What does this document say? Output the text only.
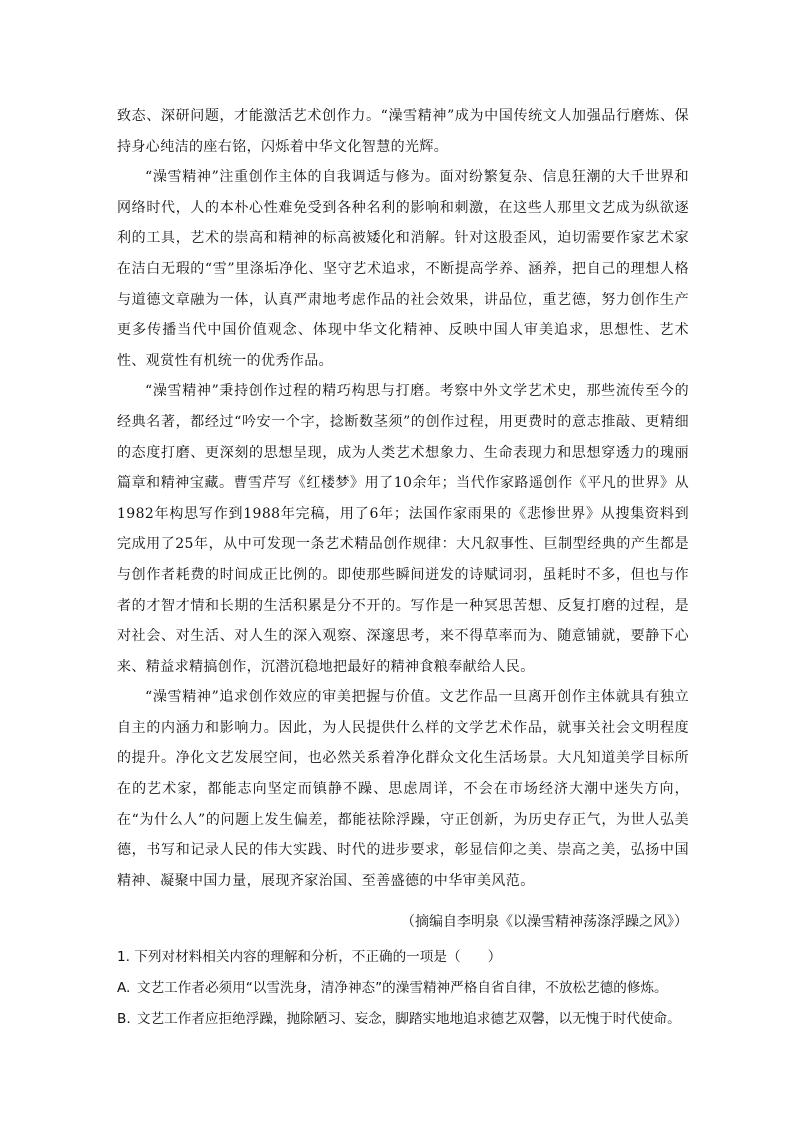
致态、深研问题，才能激活艺术创作力。“澡雪精神”成为中国传统文人加强品行磨炼、保持身心纯洁的座右铭，闪烁着中华文化智慧的光辉。

“澡雪精神”注重创作主体的自我调适与修为。面对纷繁复杂、信息狂潮的大千世界和网络时代，人的本朴心性难免受到各种名利的影响和刺激，在这些人那里文艺成为纵欲逐利的工具，艺术的崇高和精神的标高被矮化和消解。针对这股歪风，迫切需要作家艺术家在洁白无瑕的“雪”里涤垢净化、坚守艺术追求，不断提高学养、涵养，把自己的理想人格与道德文章融为一体，认真严肃地考虑作品的社会效果，讲品位，重艺德，努力创作生产更多传播当代中国价值观念、体现中华文化精神、反映中国人审美追求，思想性、艺术性、观赏性有机统一的优秀作品。

“澡雪精神”秉持创作过程的精巧构思与打磨。考察中外文学艺术史，那些流传至今的经典名著，都经过“吟安一个字，捻断数茎须”的创作过程，用更费时的意志推敲、更精细的态度打磨、更深刻的思想呈现，成为人类艺术想象力、生命表现力和思想穿透力的瑰丽篇章和精神宝藏。曹雪芹写《红楼梦》用了10余年；当代作家路遥创作《平凡的世界》从1982年构思写作到1988年完稿，用了6年；法国作家雨果的《悲惨世界》从搜集资料到完成用了25年，从中可发现一条艺术精品创作规律：大凡叙事性、巨制型经典的产生都是与创作者耗费的时间成正比例的。即使那些瞬间迸发的诗赋词羽，虽耗时不多，但也与作者的才智才情和长期的生活积累是分不开的。写作是一种冥思苦想、反复打磨的过程，是对社会、对生活、对人生的深入观察、深邃思考，来不得草率而为、随意铺就，要静下心来、精益求精搞创作，沉潜沉稳地把最好的精神食粮奉献给人民。

“澡雪精神”追求创作效应的审美把握与价值。文艺作品一旦离开创作主体就具有独立自主的内涵力和影响力。因此，为人民提供什么样的文学艺术作品，就事关社会文明程度的提升。净化文艺发展空间，也必然关系着净化群众文化生活场景。大凡知道美学目标所在的艺术家，都能志向坚定而镇静不躁、思虑周详，不会在市场经济大潮中迷失方向，在“为什么人”的问题上发生偏差，都能祛除浮躁，守正创新，为历史存正气，为世人弘美德，书写和记录人民的伟大实践、时代的进步要求，彰显信仰之美、崇高之美，弘扬中国精神、凝聚中国力量，展现齐家治国、至善盛德的中华审美风范。

（摘编自李明泉《以澡雪精神荡涤浮躁之风》）
1. 下列对材料相关内容的理解和分析，不正确的一项是（　　）
A. 文艺工作者必须用“以雪洗身，清净神态”的澡雪精神严格自省自律，不放松艺德的修炼。
B. 文艺工作者应拒绝浮躁，抛除陋习、妄念，脚踏实地地追求德艺双馨，以无愧于时代使命。
